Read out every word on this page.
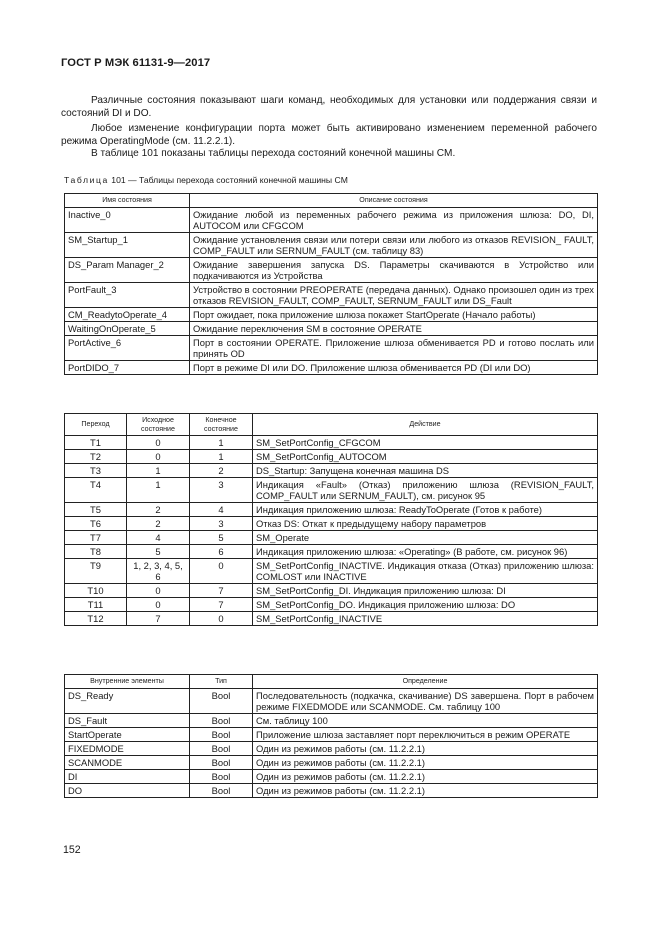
ГОСТ Р МЭК 61131-9—2017

Различные состояния показывают шаги команд, необходимых для установки или поддержания связи и состояний DI и DO.

Любое изменение конфигурации порта может быть активировано изменением переменной рабочего режима OperatingMode (см. 11.2.2.1).

В таблице 101 показаны таблицы перехода состояний конечной машины CM.

Таблица 101 — Таблицы перехода состояний конечной машины CM
Имя состояния	Описание состояния
Inactive_0	Ожидание любой из переменных рабочего режима из приложения шлюза: DO, DI, AUTOCOM или CFGCOM
SM_Startup_1	Ожидание установления связи или потери связи или любого из отказов REVISION_ FAULT, COMP_FAULT или SERNUM_FAULT (см. таблицу 83)
DS_Param Manager_2	Ожидание завершения запуска DS. Параметры скачиваются в Устройство или подкачиваются из Устройства
PortFault_3	Устройство в состоянии PREOPERATE (передача данных). Однако произошел один из трех отказов REVISION_FAULT, COMP_FAULT, SERNUM_FAULT или DS_Fault
CM_ReadytoOperate_4	Порт ожидает, пока приложение шлюза покажет StartOperate (Начало работы)
WaitingOnOperate_5	Ожидание переключения SM в состояние OPERATE
PortActive_6	Порт в состоянии OPERATE. Приложение шлюза обменивается PD и готово послать или принять OD
PortDIDO_7	Порт в режиме DI или DO. Приложение шлюза обменивается PD (DI или DO)
Переход	Исходное состояние	Конечное состояние	Действие
T1	0	1	SM_SetPortConfig_CFGCOM
T2	0	1	SM_SetPortConfig_AUTOCOM
T3	1	2	DS_Startup: Запущена конечная машина DS
T4	1	3	Индикация «Fault» (Отказ) приложению шлюза (REVISION_FAULT, COMP_FAULT или SERNUM_FAULT), см. рисунок 95
T5	2	4	Индикация приложению шлюза: ReadyToOperate (Готов к работе)
T6	2	3	Отказ DS: Откат к предыдущему набору параметров
T7	4	5	SM_Operate
T8	5	6	Индикация приложению шлюза: «Operating» (В работе, см. рисунок 96)
T9	1, 2, 3, 4, 5, 6	0	SM_SetPortConfig_INACTIVE. Индикация отказа (Отказ) приложению шлюза: COMLOST или INACTIVE
T10	0	7	SM_SetPortConfig_DI. Индикация приложению шлюза: DI
T11	0	7	SM_SetPortConfig_DO. Индикация приложению шлюза: DO
T12	7	0	SM_SetPortConfig_INACTIVE
Внутренние элементы	Тип	Определение
DS_Ready	Bool	Последовательность (подкачка, скачивание) DS завершена. Порт в рабочем режиме FIXEDMODE или SCANMODE. См. таблицу 100
DS_Fault	Bool	См. таблицу 100
StartOperate	Bool	Приложение шлюза заставляет порт переключиться в режим OPERATE
FIXEDMODE	Bool	Один из режимов работы (см. 11.2.2.1)
SCANMODE	Bool	Один из режимов работы (см. 11.2.2.1)
DI	Bool	Один из режимов работы (см. 11.2.2.1)
DO	Bool	Один из режимов работы (см. 11.2.2.1)
152
